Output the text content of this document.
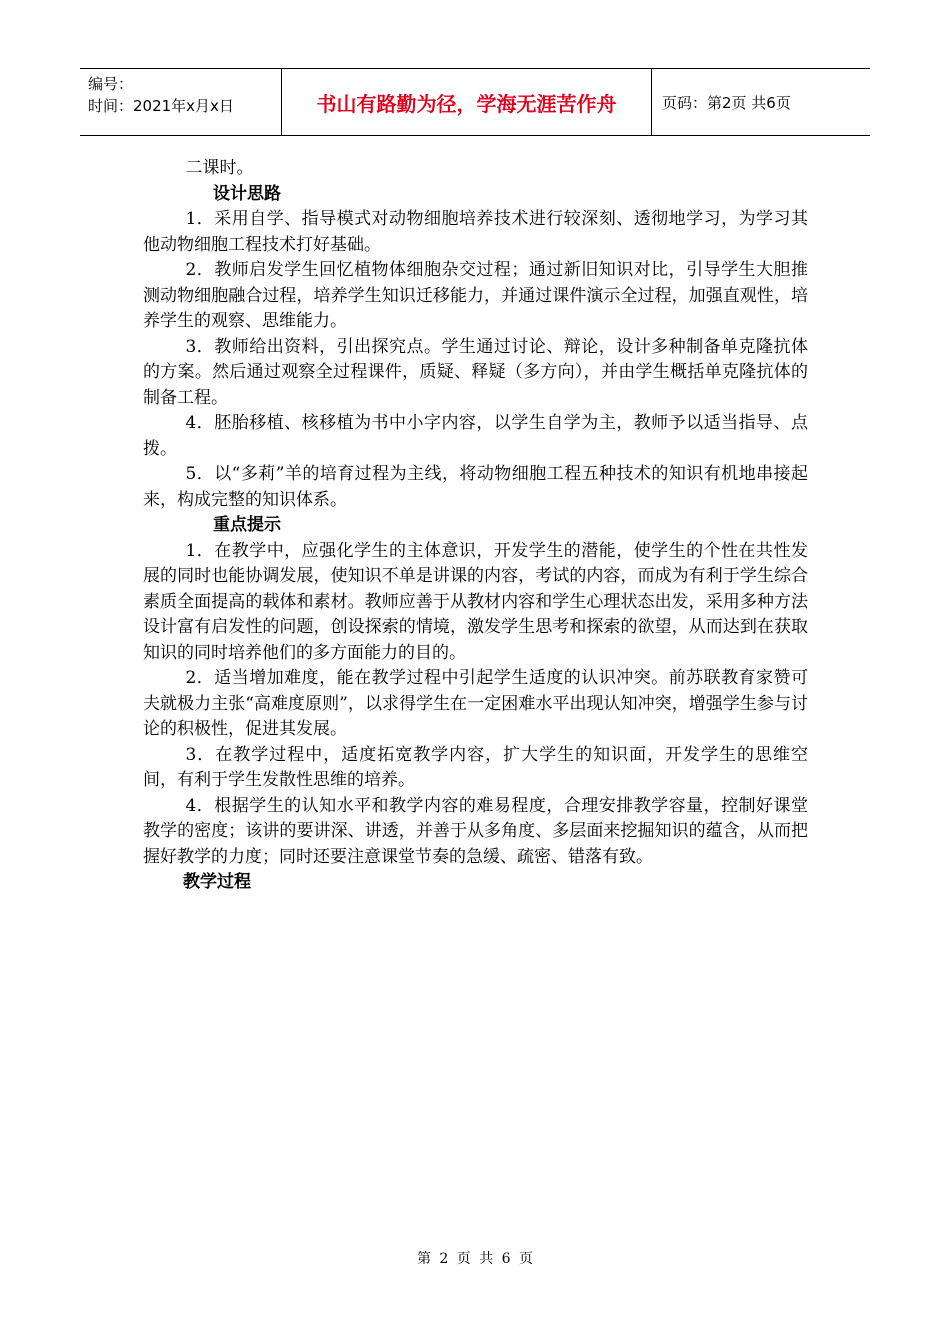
编号：
时间：2021年x月x日	书山有路勤为径，学海无涯苦作舟	页码：第2页 共6页

二课时。

设计思路

1．采用自学、指导模式对动物细胞培养技术进行较深刻、透彻地学习，为学习其他动物细胞工程技术打好基础。

2．教师启发学生回忆植物体细胞杂交过程；通过新旧知识对比，引导学生大胆推测动物细胞融合过程，培养学生知识迁移能力，并通过课件演示全过程，加强直观性，培养学生的观察、思维能力。

3．教师给出资料，引出探究点。学生通过讨论、辩论，设计多种制备单克隆抗体的方案。然后通过观察全过程课件，质疑、释疑（多方向），并由学生概括单克隆抗体的制备工程。

4．胚胎移植、核移植为书中小字内容，以学生自学为主，教师予以适当指导、点拨。

5．以“多莉”羊的培育过程为主线，将动物细胞工程五种技术的知识有机地串接起来，构成完整的知识体系。

重点提示

1．在教学中，应强化学生的主体意识，开发学生的潜能，使学生的个性在共性发展的同时也能协调发展，使知识不单是讲课的内容，考试的内容，而成为有利于学生综合素质全面提高的载体和素材。教师应善于从教材内容和学生心理状态出发，采用多种方法设计富有启发性的问题，创设探索的情境，激发学生思考和探索的欲望，从而达到在获取知识的同时培养他们的多方面能力的目的。

2．适当增加难度，能在教学过程中引起学生适度的认识冲突。前苏联教育家赞可夫就极力主张“高难度原则”，以求得学生在一定困难水平出现认知冲突，增强学生参与讨论的积极性，促进其发展。

3．在教学过程中，适度拓宽教学内容，扩大学生的知识面，开发学生的思维空间，有利于学生发散性思维的培养。

4．根据学生的认知水平和教学内容的难易程度，合理安排教学容量，控制好课堂教学的密度；该讲的要讲深、讲透，并善于从多角度、多层面来挖掘知识的蕴含，从而把握好教学的力度；同时还要注意课堂节奏的急缓、疏密、错落有致。

教学过程

第 2 页 共 6 页
